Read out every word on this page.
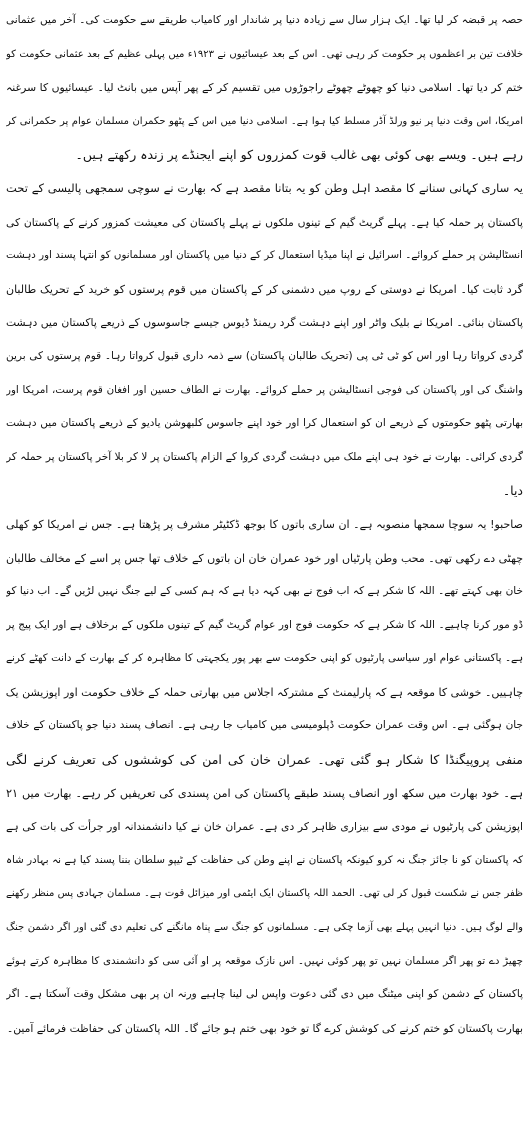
حصہ پر قبضہ کر لیا تھا۔ ایک ہزار سال سے زیادہ دنیا پر شاندار اور کامیاب طریقے سے حکومت کی۔ آخر میں عثمانی
خلافت تین بر اعظموں پر حکومت کر رہی تھی۔ اس کے بعد عیسائیوں نے ۱۹۲۳ء میں پہلی عظیم کے بعد عثمانی حکومت کو
ختم کر دیا تھا۔ اسلامی دنیا کو چھوٹے چھوٹے راجوڑوں میں تقسیم کر کے پھر آپس میں بانٹ لیا۔ عیسائیوں کا سرغنہ
امریکا، اس وقت دنیا پر نیو ورلڈ آڈر مسلط کیا ہوا ہے۔ اسلامی دنیا میں اس کے پٹھو حکمران مسلمان عوام پر حکمرانی کر
رہے ہیں۔ ویسے بھی کوئی بھی غالب قوت کمزروں کو اپنے ایجنڈے پر زندہ رکھتے ہیں۔
یہ ساری کہانی سنانے کا مقصد اہل وطن کو یہ بتانا مقصد ہے کہ بھارت نے سوچی سمجھی پالیسی کے تحت
پاکستان پر حملہ کیا ہے۔ پہلے گریٹ گیم کے تینوں ملکوں نے پہلے پاکستان کی معیشت کمزور کرنے کے پاکستان کی
انسٹالیشن پر حملے کروائے۔ اسرائیل نے اپنا میڈیا استعمال کر کے دنیا میں پاکستان اور مسلمانوں کو انتہا پسند اور دہشت
گرد ثابت کیا۔ امریکا نے دوستی کے روپ میں دشمنی کر کے پاکستان میں قوم پرستوں کو خرید کے تحریک طالبان
پاکستان بنائی۔ امریکا نے بلیک واٹر اور اپنے دہشت گرد ریمنڈ ڈیوس جیسے جاسوسوں کے ذریعے پاکستان میں دہشت
گردی کرواتا رہا اور اس کو ٹی ٹی پی (تحریک طالبان پاکستان) سے ذمہ داری قبول کرواتا رہا۔ قوم پرستوں کی برین
واشنگ کی اور پاکستان کی فوجی انسٹالیشن پر حملے کروائے۔ بھارت نے الطاف حسین اور افغان قوم پرست، امریکا اور
بھارتی پٹھو حکومتوں کے ذریعے ان کو استعمال کرا اور خود اپنے جاسوس کلبھوشن یادیو کے ذریعے پاکستان میں دہشت
گردی کرائی۔ بھارت نے خود ہی اپنے ملک میں دہشت گردی کروا کے الزام پاکستان پر لا کر بلا آخر پاکستان پر حملہ کر
دیا۔
صاحبو! یہ سوچا سمجھا منصوبہ ہے۔ ان ساری باتوں کا بوجھ ڈکٹیٹر مشرف پر پڑھتا ہے۔ جس نے امریکا کو کھلی
چھٹی دے رکھی تھی۔ محب وطن پارٹیاں اور خود عمران خان ان باتوں کے خلاف تھا جس پر اسے کے مخالف طالبان
خان بھی کہتے تھے۔ اللہ کا شکر ہے کہ اب فوج نے بھی کہہ دیا ہے کہ ہم کسی کے لیے جنگ نہیں لڑیں گے۔ اب دنیا کو
ڈو مور کرنا چاہیے۔ اللہ کا شکر ہے کہ حکومت فوج اور عوام گریٹ گیم کے تینوں ملکوں کے برخلاف ہے اور ایک پیج پر
ہے۔ پاکستانی عوام اور سیاسی پارٹیوں کو اپنی حکومت سے بھر پور یکجہتی کا مظاہرہ کر کے بھارت کے دانت کھٹے کرنے
چاہییں۔ خوشی کا موقعہ ہے کہ پارلیمنٹ کے مشترکہ اجلاس میں بھارتی حملہ کے خلاف حکومت اور اپوزیشن یک
جان ہوگئی ہے۔ اس وقت عمران حکومت ڈپلومیسی میں کامیاب جا رہی ہے۔ انصاف پسند دنیا جو پاکستان کے خلاف
منفی پروپیگنڈا کا شکار ہو گئی تھی۔ عمران خان کی امن کی کوششوں کی تعریف کرنے لگی
ہے۔ خود بھارت میں سکھ اور انصاف پسند طبقے پاکستان کی امن پسندی کی تعریفیں کر رہے۔ بھارت میں ۲۱
اپوزیشن کی پارٹیوں نے مودی سے بیزاری ظاہر کر دی ہے۔ عمران خان نے کیا دانشمندانہ اور جرأت کی بات کی ہے
کہ پاکستان کو نا جائز جنگ نہ کرو کیونکہ پاکستان نے اپنے وطن کی حفاظت کے ٹیپو سلطان بننا پسند کیا ہے نہ بہادر شاہ
ظفر جس نے شکست قبول کر لی تھی۔ الحمد اللہ پاکستان ایک ایٹمی اور میزائل قوت ہے۔ مسلمان جہادی پس منظر رکھنے
والے لوگ ہیں۔ دنیا انہیں پہلے بھی آزما چکی ہے۔ مسلمانوں کو جنگ سے پناہ مانگنے کی تعلیم دی گئی اور اگر دشمن جنگ
چھیڑ دے تو پھر اگر مسلمان نہیں تو پھر کوئی نہیں۔ اس نازک موقعہ پر او آئی سی کو دانشمندی کا مظاہرہ کرتے ہوئے
پاکستان کے دشمن کو اپنی میٹنگ میں دی گئی دعوت واپس لی لینا چاہیے ورنہ ان پر بھی مشکل وقت آسکتا ہے۔ اگر
بھارت پاکستان کو ختم کرنے کی کوشش کرے گا تو خود بھی ختم ہو جائے گا۔ اللہ پاکستان کی حفاظت فرمائے آمین۔
